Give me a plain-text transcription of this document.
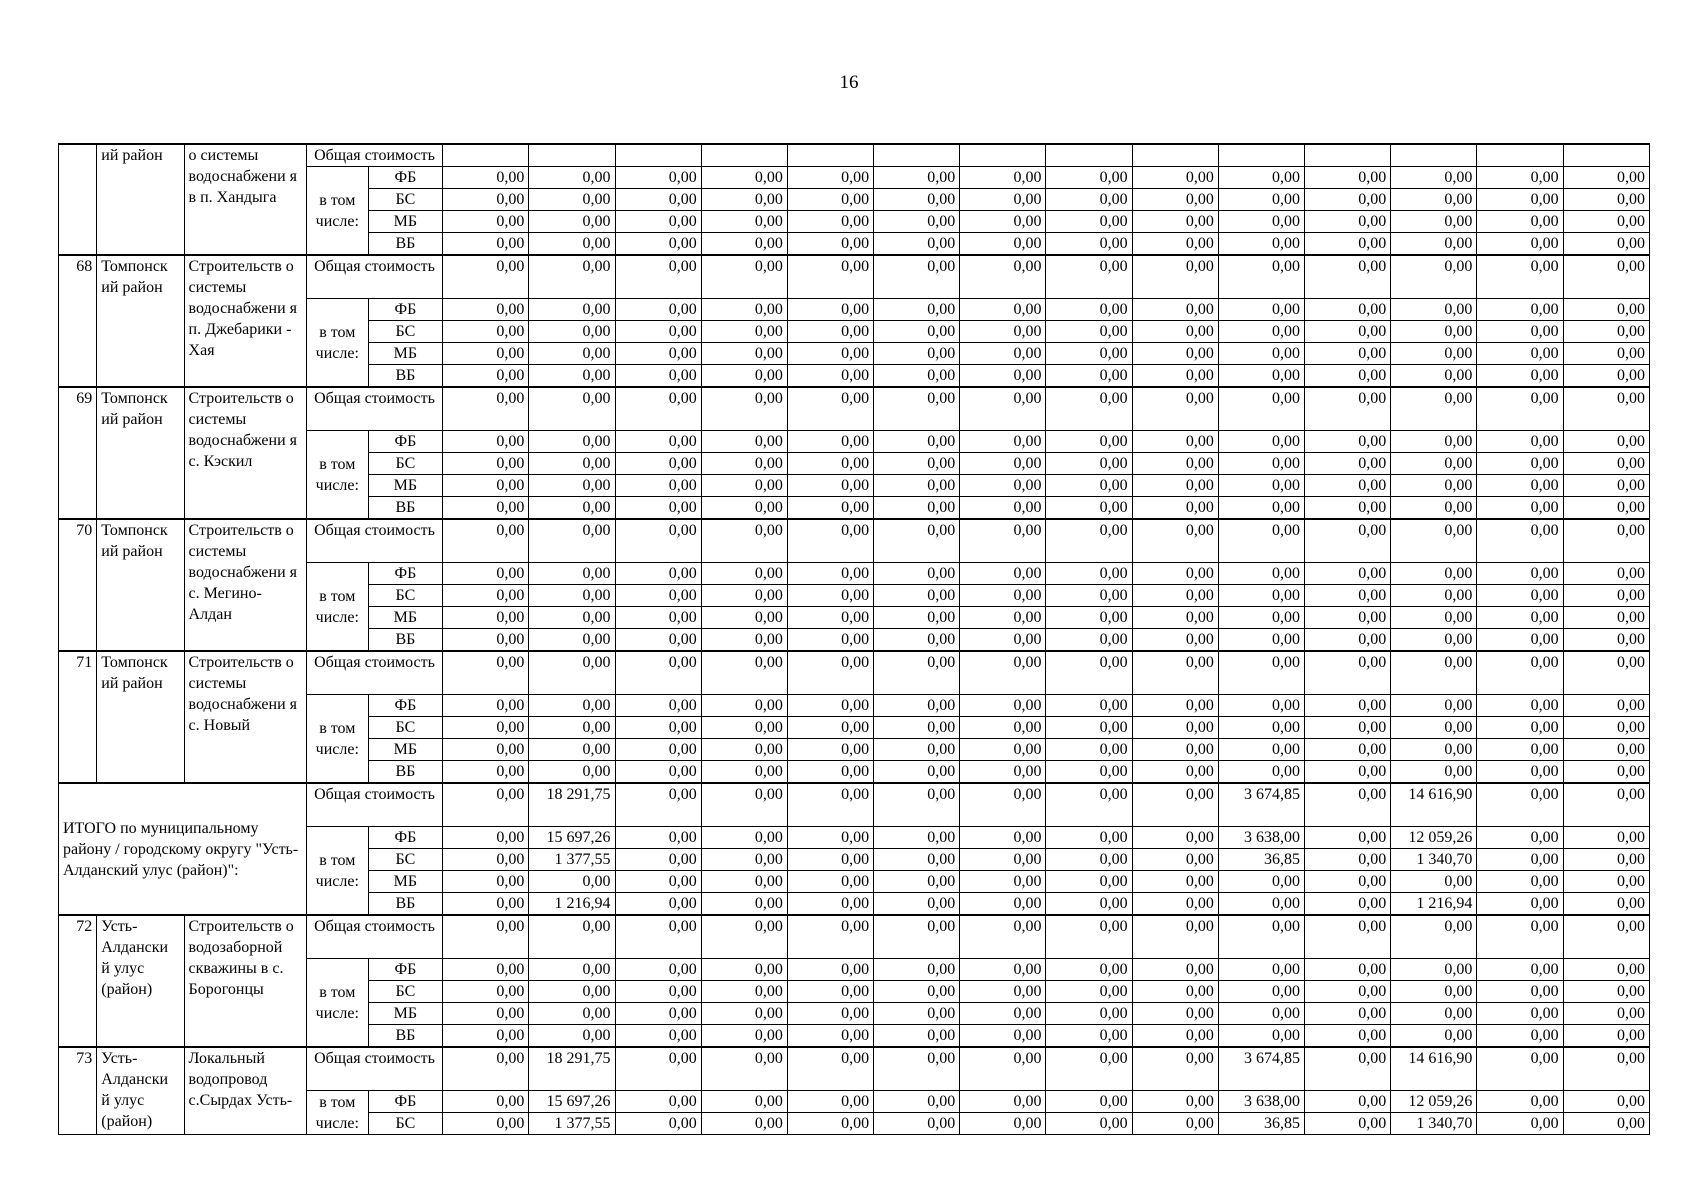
16
	ий район	о системы водоснабжени я в п. Хандыга	Общая стоимость															
			в том числе:	ФБ	0,00	0,00	0,00	0,00	0,00	0,00	0,00	0,00	0,00	0,00	0,00	0,00	0,00	0,00
				БС	0,00	0,00	0,00	0,00	0,00	0,00	0,00	0,00	0,00	0,00	0,00	0,00	0,00	0,00
				МБ	0,00	0,00	0,00	0,00	0,00	0,00	0,00	0,00	0,00	0,00	0,00	0,00	0,00	0,00
				ВБ	0,00	0,00	0,00	0,00	0,00	0,00	0,00	0,00	0,00	0,00	0,00	0,00	0,00	0,00
68	Томпонск ий район	Строительств о системы водоснабжени я п. Джебарики - Хая	Общая стоимость		0,00	0,00	0,00	0,00	0,00	0,00	0,00	0,00	0,00	0,00	0,00	0,00	0,00	0,00
			в том числе:	ФБ	0,00	0,00	0,00	0,00	0,00	0,00	0,00	0,00	0,00	0,00	0,00	0,00	0,00	0,00
				БС	0,00	0,00	0,00	0,00	0,00	0,00	0,00	0,00	0,00	0,00	0,00	0,00	0,00	0,00
				МБ	0,00	0,00	0,00	0,00	0,00	0,00	0,00	0,00	0,00	0,00	0,00	0,00	0,00	0,00
				ВБ	0,00	0,00	0,00	0,00	0,00	0,00	0,00	0,00	0,00	0,00	0,00	0,00	0,00	0,00
69	Томпонск ий район	Строительств о системы водоснабжени я с. Кэскил	Общая стоимость		0,00	0,00	0,00	0,00	0,00	0,00	0,00	0,00	0,00	0,00	0,00	0,00	0,00	0,00
			в том числе:	ФБ	0,00	0,00	0,00	0,00	0,00	0,00	0,00	0,00	0,00	0,00	0,00	0,00	0,00	0,00
				БС	0,00	0,00	0,00	0,00	0,00	0,00	0,00	0,00	0,00	0,00	0,00	0,00	0,00	0,00
				МБ	0,00	0,00	0,00	0,00	0,00	0,00	0,00	0,00	0,00	0,00	0,00	0,00	0,00	0,00
				ВБ	0,00	0,00	0,00	0,00	0,00	0,00	0,00	0,00	0,00	0,00	0,00	0,00	0,00	0,00
70	Томпонск ий район	Строительств о системы водоснабжени я с. Мегино- Алдан	Общая стоимость		0,00	0,00	0,00	0,00	0,00	0,00	0,00	0,00	0,00	0,00	0,00	0,00	0,00	0,00
			в том числе:	ФБ	0,00	0,00	0,00	0,00	0,00	0,00	0,00	0,00	0,00	0,00	0,00	0,00	0,00	0,00
				БС	0,00	0,00	0,00	0,00	0,00	0,00	0,00	0,00	0,00	0,00	0,00	0,00	0,00	0,00
				МБ	0,00	0,00	0,00	0,00	0,00	0,00	0,00	0,00	0,00	0,00	0,00	0,00	0,00	0,00
				ВБ	0,00	0,00	0,00	0,00	0,00	0,00	0,00	0,00	0,00	0,00	0,00	0,00	0,00	0,00
71	Томпонск ий район	Строительств о системы водоснабжени я с. Новый	Общая стоимость		0,00	0,00	0,00	0,00	0,00	0,00	0,00	0,00	0,00	0,00	0,00	0,00	0,00	0,00
			в том числе:	ФБ	0,00	0,00	0,00	0,00	0,00	0,00	0,00	0,00	0,00	0,00	0,00	0,00	0,00	0,00
				БС	0,00	0,00	0,00	0,00	0,00	0,00	0,00	0,00	0,00	0,00	0,00	0,00	0,00	0,00
				МБ	0,00	0,00	0,00	0,00	0,00	0,00	0,00	0,00	0,00	0,00	0,00	0,00	0,00	0,00
				ВБ	0,00	0,00	0,00	0,00	0,00	0,00	0,00	0,00	0,00	0,00	0,00	0,00	0,00	0,00
ИТОГО по муниципальному району / городскому округу "Усть-Алданский улус (район)":			Общая стоимость		0,00	18 291,75	0,00	0,00	0,00	0,00	0,00	0,00	0,00	3 674,85	0,00	14 616,90	0,00	0,00
			в том числе:	ФБ	0,00	15 697,26	0,00	0,00	0,00	0,00	0,00	0,00	0,00	3 638,00	0,00	12 059,26	0,00	0,00
				БС	0,00	1 377,55	0,00	0,00	0,00	0,00	0,00	0,00	0,00	36,85	0,00	1 340,70	0,00	0,00
				МБ	0,00	0,00	0,00	0,00	0,00	0,00	0,00	0,00	0,00	0,00	0,00	0,00	0,00	0,00
				ВБ	0,00	1 216,94	0,00	0,00	0,00	0,00	0,00	0,00	0,00	0,00	0,00	1 216,94	0,00	0,00
72	Усть- Алдански й улус (район)	Строительств о водозаборной скважины в с. Борогонцы	Общая стоимость		0,00	0,00	0,00	0,00	0,00	0,00	0,00	0,00	0,00	0,00	0,00	0,00	0,00	0,00
			в том числе:	ФБ	0,00	0,00	0,00	0,00	0,00	0,00	0,00	0,00	0,00	0,00	0,00	0,00	0,00	0,00
				БС	0,00	0,00	0,00	0,00	0,00	0,00	0,00	0,00	0,00	0,00	0,00	0,00	0,00	0,00
				МБ	0,00	0,00	0,00	0,00	0,00	0,00	0,00	0,00	0,00	0,00	0,00	0,00	0,00	0,00
				ВБ	0,00	0,00	0,00	0,00	0,00	0,00	0,00	0,00	0,00	0,00	0,00	0,00	0,00	0,00
73	Усть- Алдански й улус (район)	Локальный водопровод с.Сырдах Усть-	Общая стоимость		0,00	18 291,75	0,00	0,00	0,00	0,00	0,00	0,00	0,00	3 674,85	0,00	14 616,90	0,00	0,00
			в том числе:	ФБ	0,00	15 697,26	0,00	0,00	0,00	0,00	0,00	0,00	0,00	3 638,00	0,00	12 059,26	0,00	0,00
				БС	0,00	1 377,55	0,00	0,00	0,00	0,00	0,00	0,00	0,00	36,85	0,00	1 340,70	0,00	0,00
